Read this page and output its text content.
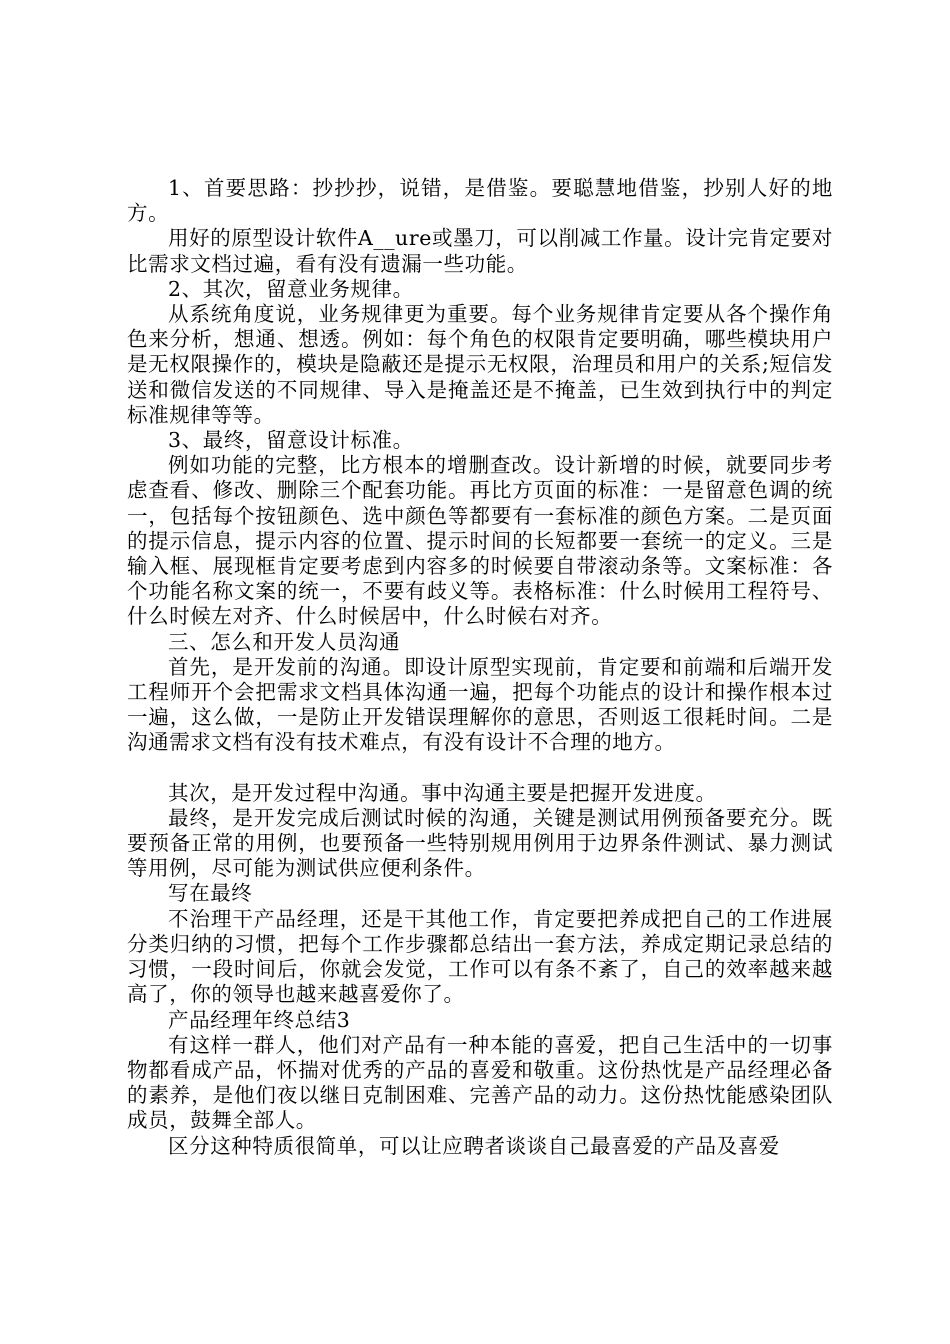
1、首要思路：抄抄抄，说错，是借鉴。要聪慧地借鉴，抄别人好的地方。

用好的原型设计软件A__ure或墨刀，可以削减工作量。设计完肯定要对比需求文档过遍，看有没有遗漏一些功能。

2、其次，留意业务规律。

从系统角度说，业务规律更为重要。每个业务规律肯定要从各个操作角色来分析，想通、想透。例如：每个角色的权限肯定要明确，哪些模块用户是无权限操作的，模块是隐蔽还是提示无权限，治理员和用户的关系;短信发送和微信发送的不同规律、导入是掩盖还是不掩盖，已生效到执行中的判定标准规律等等。

3、最终，留意设计标准。

例如功能的完整，比方根本的增删查改。设计新增的时候，就要同步考虑查看、修改、删除三个配套功能。再比方页面的标准：一是留意色调的统一，包括每个按钮颜色、选中颜色等都要有一套标准的颜色方案。二是页面的提示信息，提示内容的位置、提示时间的长短都要一套统一的定义。三是输入框、展现框肯定要考虑到内容多的时候要自带滚动条等。文案标准：各个功能名称文案的统一，不要有歧义等。表格标准：什么时候用工程符号、什么时候左对齐、什么时候居中，什么时候右对齐。

三、怎么和开发人员沟通

首先，是开发前的沟通。即设计原型实现前，肯定要和前端和后端开发工程师开个会把需求文档具体沟通一遍，把每个功能点的设计和操作根本过一遍，这么做，一是防止开发错误理解你的意思，否则返工很耗时间。二是沟通需求文档有没有技术难点，有没有设计不合理的地方。

其次，是开发过程中沟通。事中沟通主要是把握开发进度。

最终，是开发完成后测试时候的沟通，关键是测试用例预备要充分。既要预备正常的用例，也要预备一些特别规用例用于边界条件测试、暴力测试等用例，尽可能为测试供应便利条件。

写在最终

不治理干产品经理，还是干其他工作，肯定要把养成把自己的工作进展分类归纳的习惯，把每个工作步骤都总结出一套方法，养成定期记录总结的习惯，一段时间后，你就会发觉，工作可以有条不紊了，自己的效率越来越高了，你的领导也越来越喜爱你了。

产品经理年终总结3

有这样一群人，他们对产品有一种本能的喜爱，把自己生活中的一切事物都看成产品，怀揣对优秀的产品的喜爱和敬重。这份热忱是产品经理必备的素养，是他们夜以继日克制困难、完善产品的动力。这份热忱能感染团队成员，鼓舞全部人。

区分这种特质很简单，可以让应聘者谈谈自己最喜爱的产品及喜爱
